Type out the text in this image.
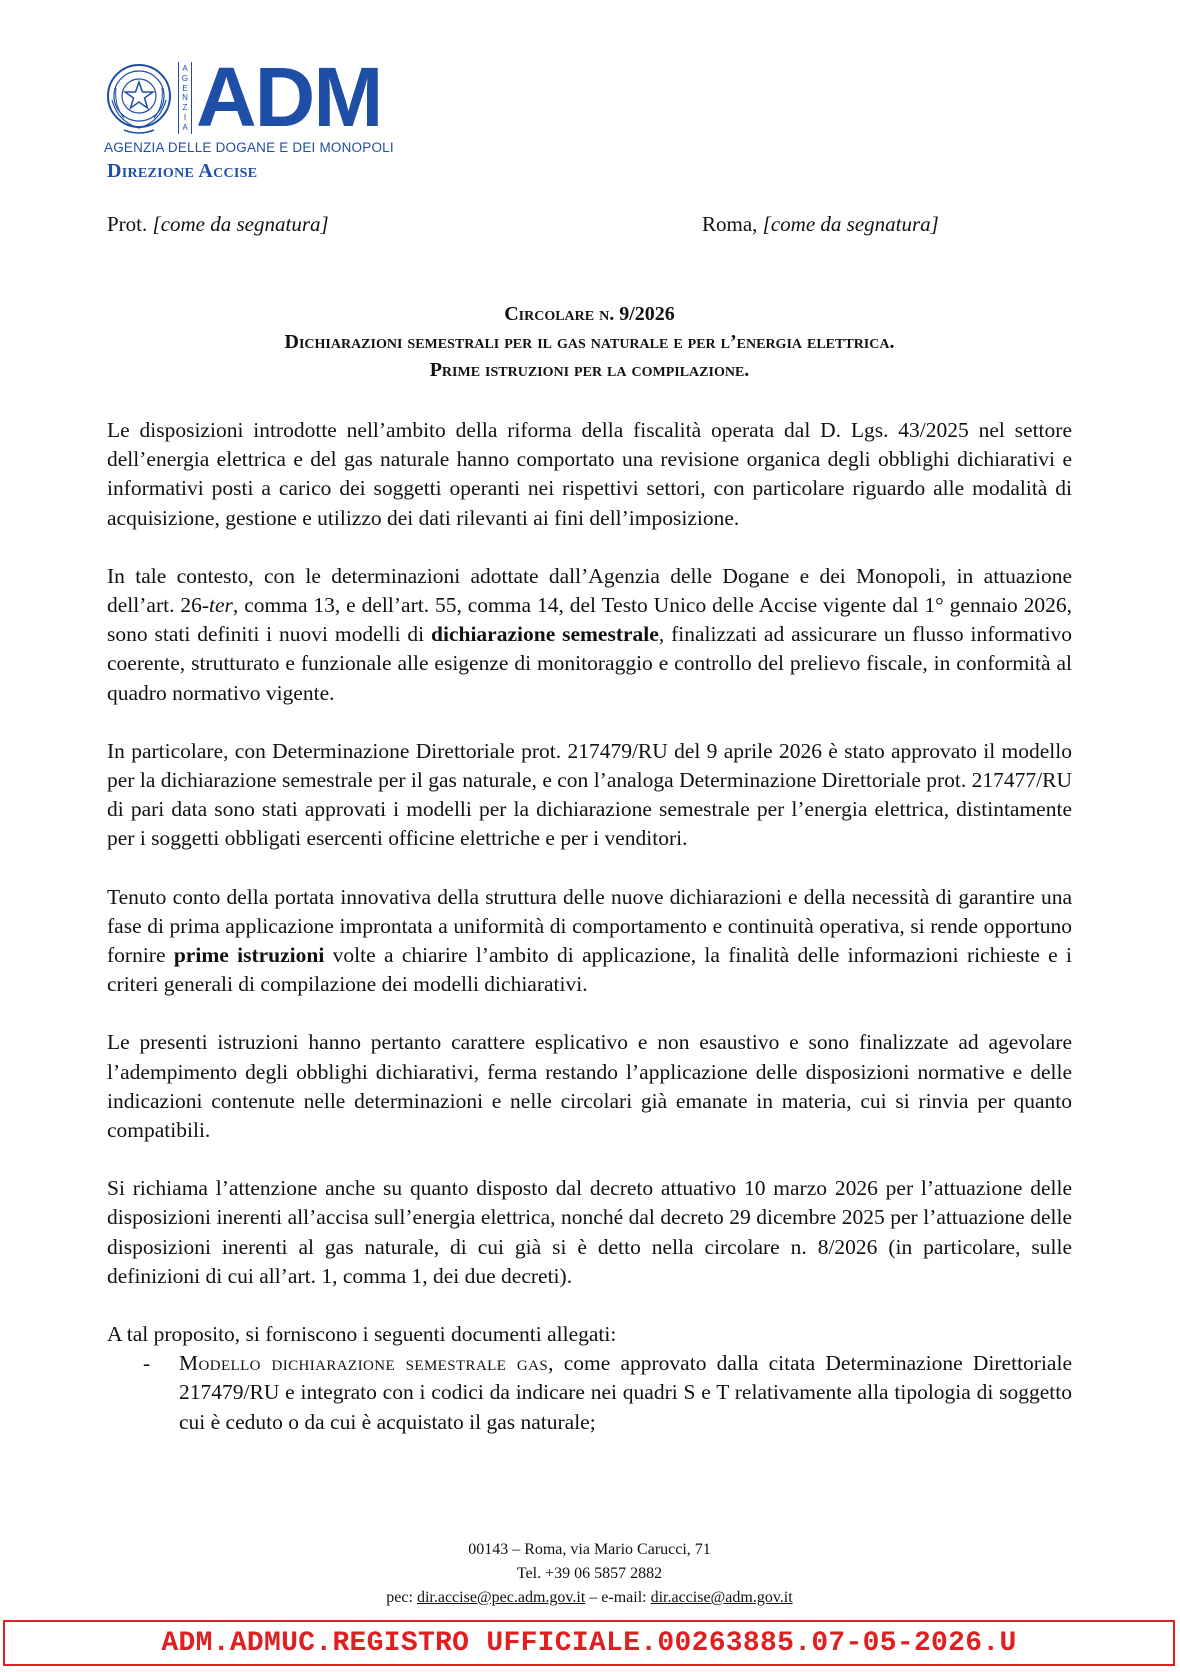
A
G
E
N
Z
I
A ADM
AGENZIA DELLE DOGANE E DEI MONOPOLI
Direzione Accise
Prot. [come da segnatura]	Roma, [come da segnatura]
Circolare n. 9/2026
Dichiarazioni semestrali per il gas naturale e per l’energia elettrica.
Prime istruzioni per la compilazione.

Le disposizioni introdotte nell’ambito della riforma della fiscalità operata dal D. Lgs. 43/2025 nel settore dell’energia elettrica e del gas naturale hanno comportato una revisione organica degli obblighi dichiarativi e informativi posti a carico dei soggetti operanti nei rispettivi settori, con particolare riguardo alle modalità di acquisizione, gestione e utilizzo dei dati rilevanti ai fini dell’imposizione.

In tale contesto, con le determinazioni adottate dall’Agenzia delle Dogane e dei Monopoli, in attuazione dell’art. 26-ter, comma 13, e dell’art. 55, comma 14, del Testo Unico delle Accise vigente dal 1° gennaio 2026, sono stati definiti i nuovi modelli di dichiarazione semestrale, finalizzati ad assicurare un flusso informativo coerente, strutturato e funzionale alle esigenze di monitoraggio e controllo del prelievo fiscale, in conformità al quadro normativo vigente.

In particolare, con Determinazione Direttoriale prot. 217479/RU del 9 aprile 2026 è stato approvato il modello per la dichiarazione semestrale per il gas naturale, e con l’analoga Determinazione Direttoriale prot. 217477/RU di pari data sono stati approvati i modelli per la dichiarazione semestrale per l’energia elettrica, distintamente per i soggetti obbligati esercenti officine elettriche e per i venditori.

Tenuto conto della portata innovativa della struttura delle nuove dichiarazioni e della necessità di garantire una fase di prima applicazione improntata a uniformità di comportamento e continuità operativa, si rende opportuno fornire prime istruzioni volte a chiarire l’ambito di applicazione, la finalità delle informazioni richieste e i criteri generali di compilazione dei modelli dichiarativi.

Le presenti istruzioni hanno pertanto carattere esplicativo e non esaustivo e sono finalizzate ad agevolare l’adempimento degli obblighi dichiarativi, ferma restando l’applicazione delle disposizioni normative e delle indicazioni contenute nelle determinazioni e nelle circolari già emanate in materia, cui si rinvia per quanto compatibili.

Si richiama l’attenzione anche su quanto disposto dal decreto attuativo 10 marzo 2026 per l’attuazione delle disposizioni inerenti all’accisa sull’energia elettrica, nonché dal decreto 29 dicembre 2025 per l’attuazione delle disposizioni inerenti al gas naturale, di cui già si è detto nella circolare n. 8/2026 (in particolare, sulle definizioni di cui all’art. 1, comma 1, dei due decreti).

A tal proposito, si forniscono i seguenti documenti allegati:

-	Modello dichiarazione semestrale gas, come approvato dalla citata Determinazione Direttoriale 217479/RU e integrato con i codici da indicare nei quadri S e T relativamente alla tipologia di soggetto cui è ceduto o da cui è acquistato il gas naturale;
00143 – Roma, via Mario Carucci, 71
Tel. +39 06 5857 2882
pec: dir.accise@pec.adm.gov.it – e-mail: dir.accise@adm.gov.it
ADM.ADMUC.REGISTRO UFFICIALE.00263885.07-05-2026.U
